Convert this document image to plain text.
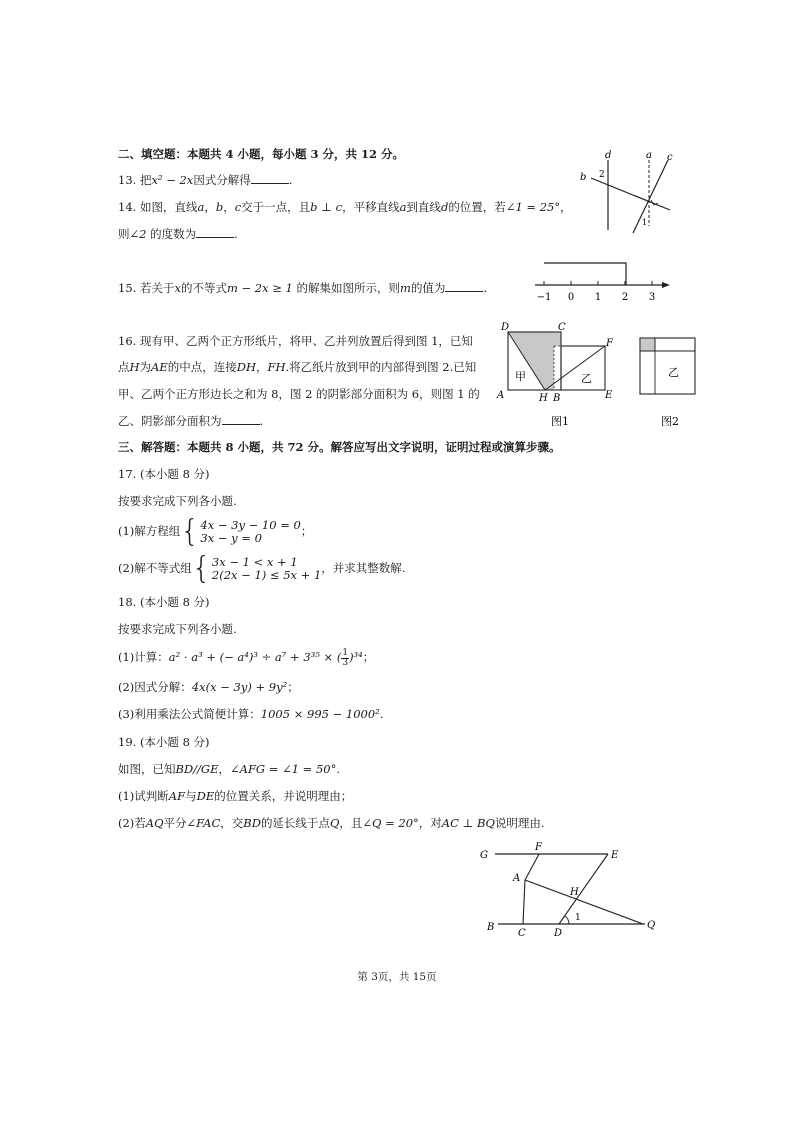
二、填空题：本题共 4 小题，每小题 3 分，共 12 分。
13. 把x² − 2x因式分解得	.
14. 如图，直线a，b，c交于一点，且b ⊥ c，平移直线a到直线d的位置，若∠1 = 25°，
则∠2 的度数为	.
d	a c
b 2
1
15. 若关于x的不等式m − 2x ≥ 1 的解集如图所示，则m的值为	.
−1 0 1 2 3
16. 现有甲、乙两个正方形纸片，将甲、乙并列放置后得到图 1，已知
点H为AE的中点，连接DH，FH.将乙纸片放到甲的内部得到图 2.已知
甲、乙两个正方形边长之和为 8，图 2 的阴影部分面积为 6，则图 1 的
乙、阴影部分面积为	.
D	C
F
A	H B	E
甲	乙
图1
乙
图2
三、解答题：本题共 8 小题，共 72 分。解答应写出文字说明，证明过程或演算步骤。
17. (本小题 8 分)
按要求完成下列各小题.
(1)解方程组 { 4x − 3y − 10 = 0
3x − y = 0	；
(2)解不等式组 { 3x − 1 < x + 1
2(2x − 1) ≤ 5x + 1 ，并求其整数解.
18. (本小题 8 分)
按要求完成下列各小题.
(1)计算：a² · a³ + (− a⁴)³ ÷ a⁷ + 3³⁵ × ( $\frac{1}{3} )^{34}$；
(2)因式分解：4x(x − 3y) + 9y²；
(3)利用乘法公式简便计算：1005 × 995 − 1000².
19. (本小题 8 分)
如图，已知BD//GE，∠AFG = ∠1 = 50°.
(1)试判断AF与DE的位置关系，并说明理由；
(2)若AQ平分∠FAC，交BD的延长线于点Q，且∠Q = 20°，对AC ⊥ BQ说明理由.
G
F
E
A
H
1
B
C	D
Q
第 3页，共 15页
